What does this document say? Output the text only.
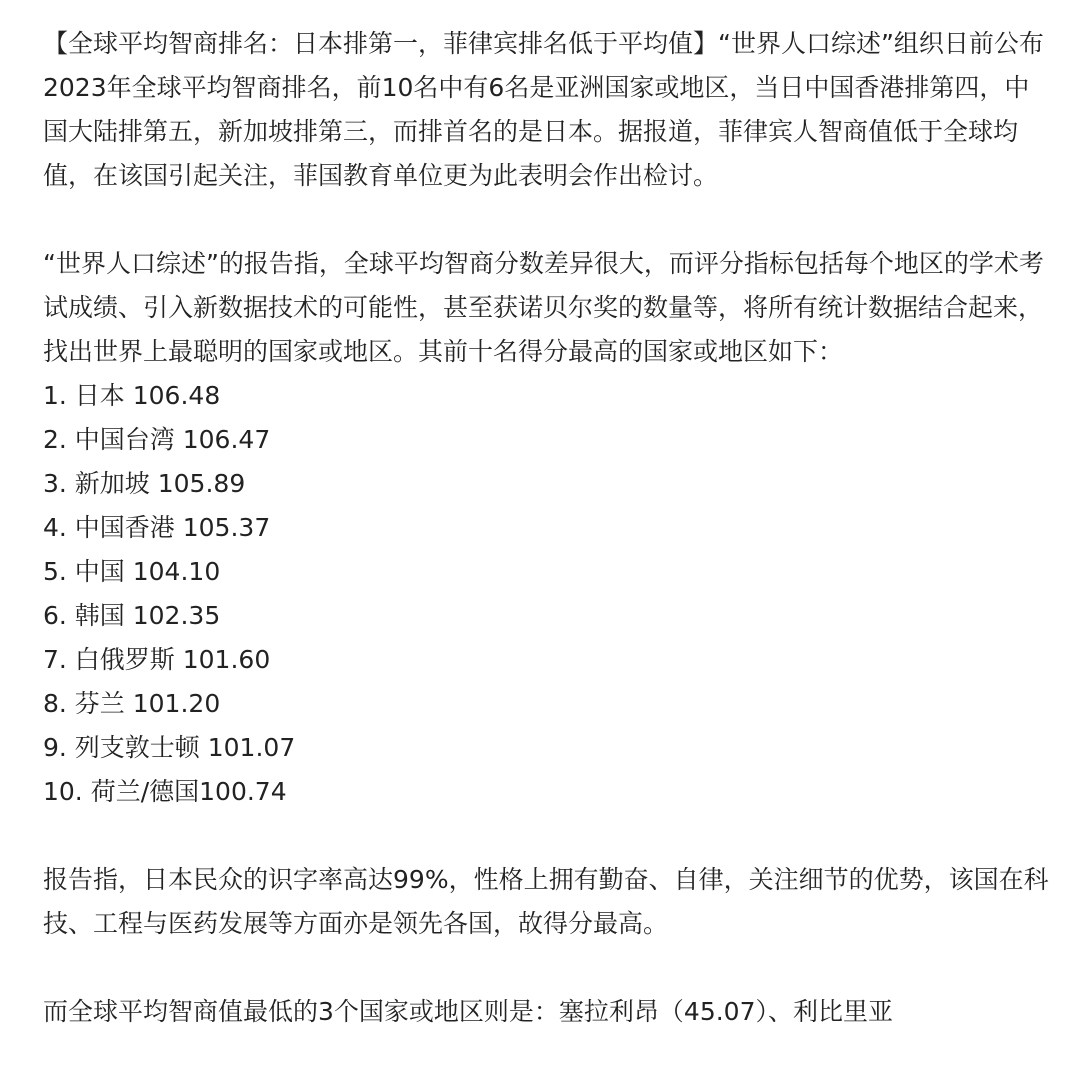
【全球平均智商排名：日本排第一，菲律宾排名低于平均值】“世界人口综述”组织日前公布2023年全球平均智商排名，前10名中有6名是亚洲国家或地区，当日中国香港排第四，中国大陆排第五，新加坡排第三，而排首名的是日本。据报道，菲律宾人智商值低于全球均值，在该国引起关注，菲国教育单位更为此表明会作出检讨。

“世界人口综述”的报告指，全球平均智商分数差异很大，而评分指标包括每个地区的学术考试成绩、引入新数据技术的可能性，甚至获诺贝尔奖的数量等，将所有统计数据结合起来，找出世界上最聪明的国家或地区。其前十名得分最高的国家或地区如下：

1. 日本 106.48
2. 中国台湾 106.47
3. 新加坡 105.89
4. 中国香港 105.37
5. 中国 104.10
6. 韩国 102.35
7. 白俄罗斯 101.60
8. 芬兰 101.20
9. 列支敦士顿 101.07
10. 荷兰/德国100.74

报告指，日本民众的识字率高达99%，性格上拥有勤奋、自律，关注细节的优势，该国在科技、工程与医药发展等方面亦是领先各国，故得分最高。

而全球平均智商值最低的3个国家或地区则是：塞拉利昂（45.07）、利比里亚
